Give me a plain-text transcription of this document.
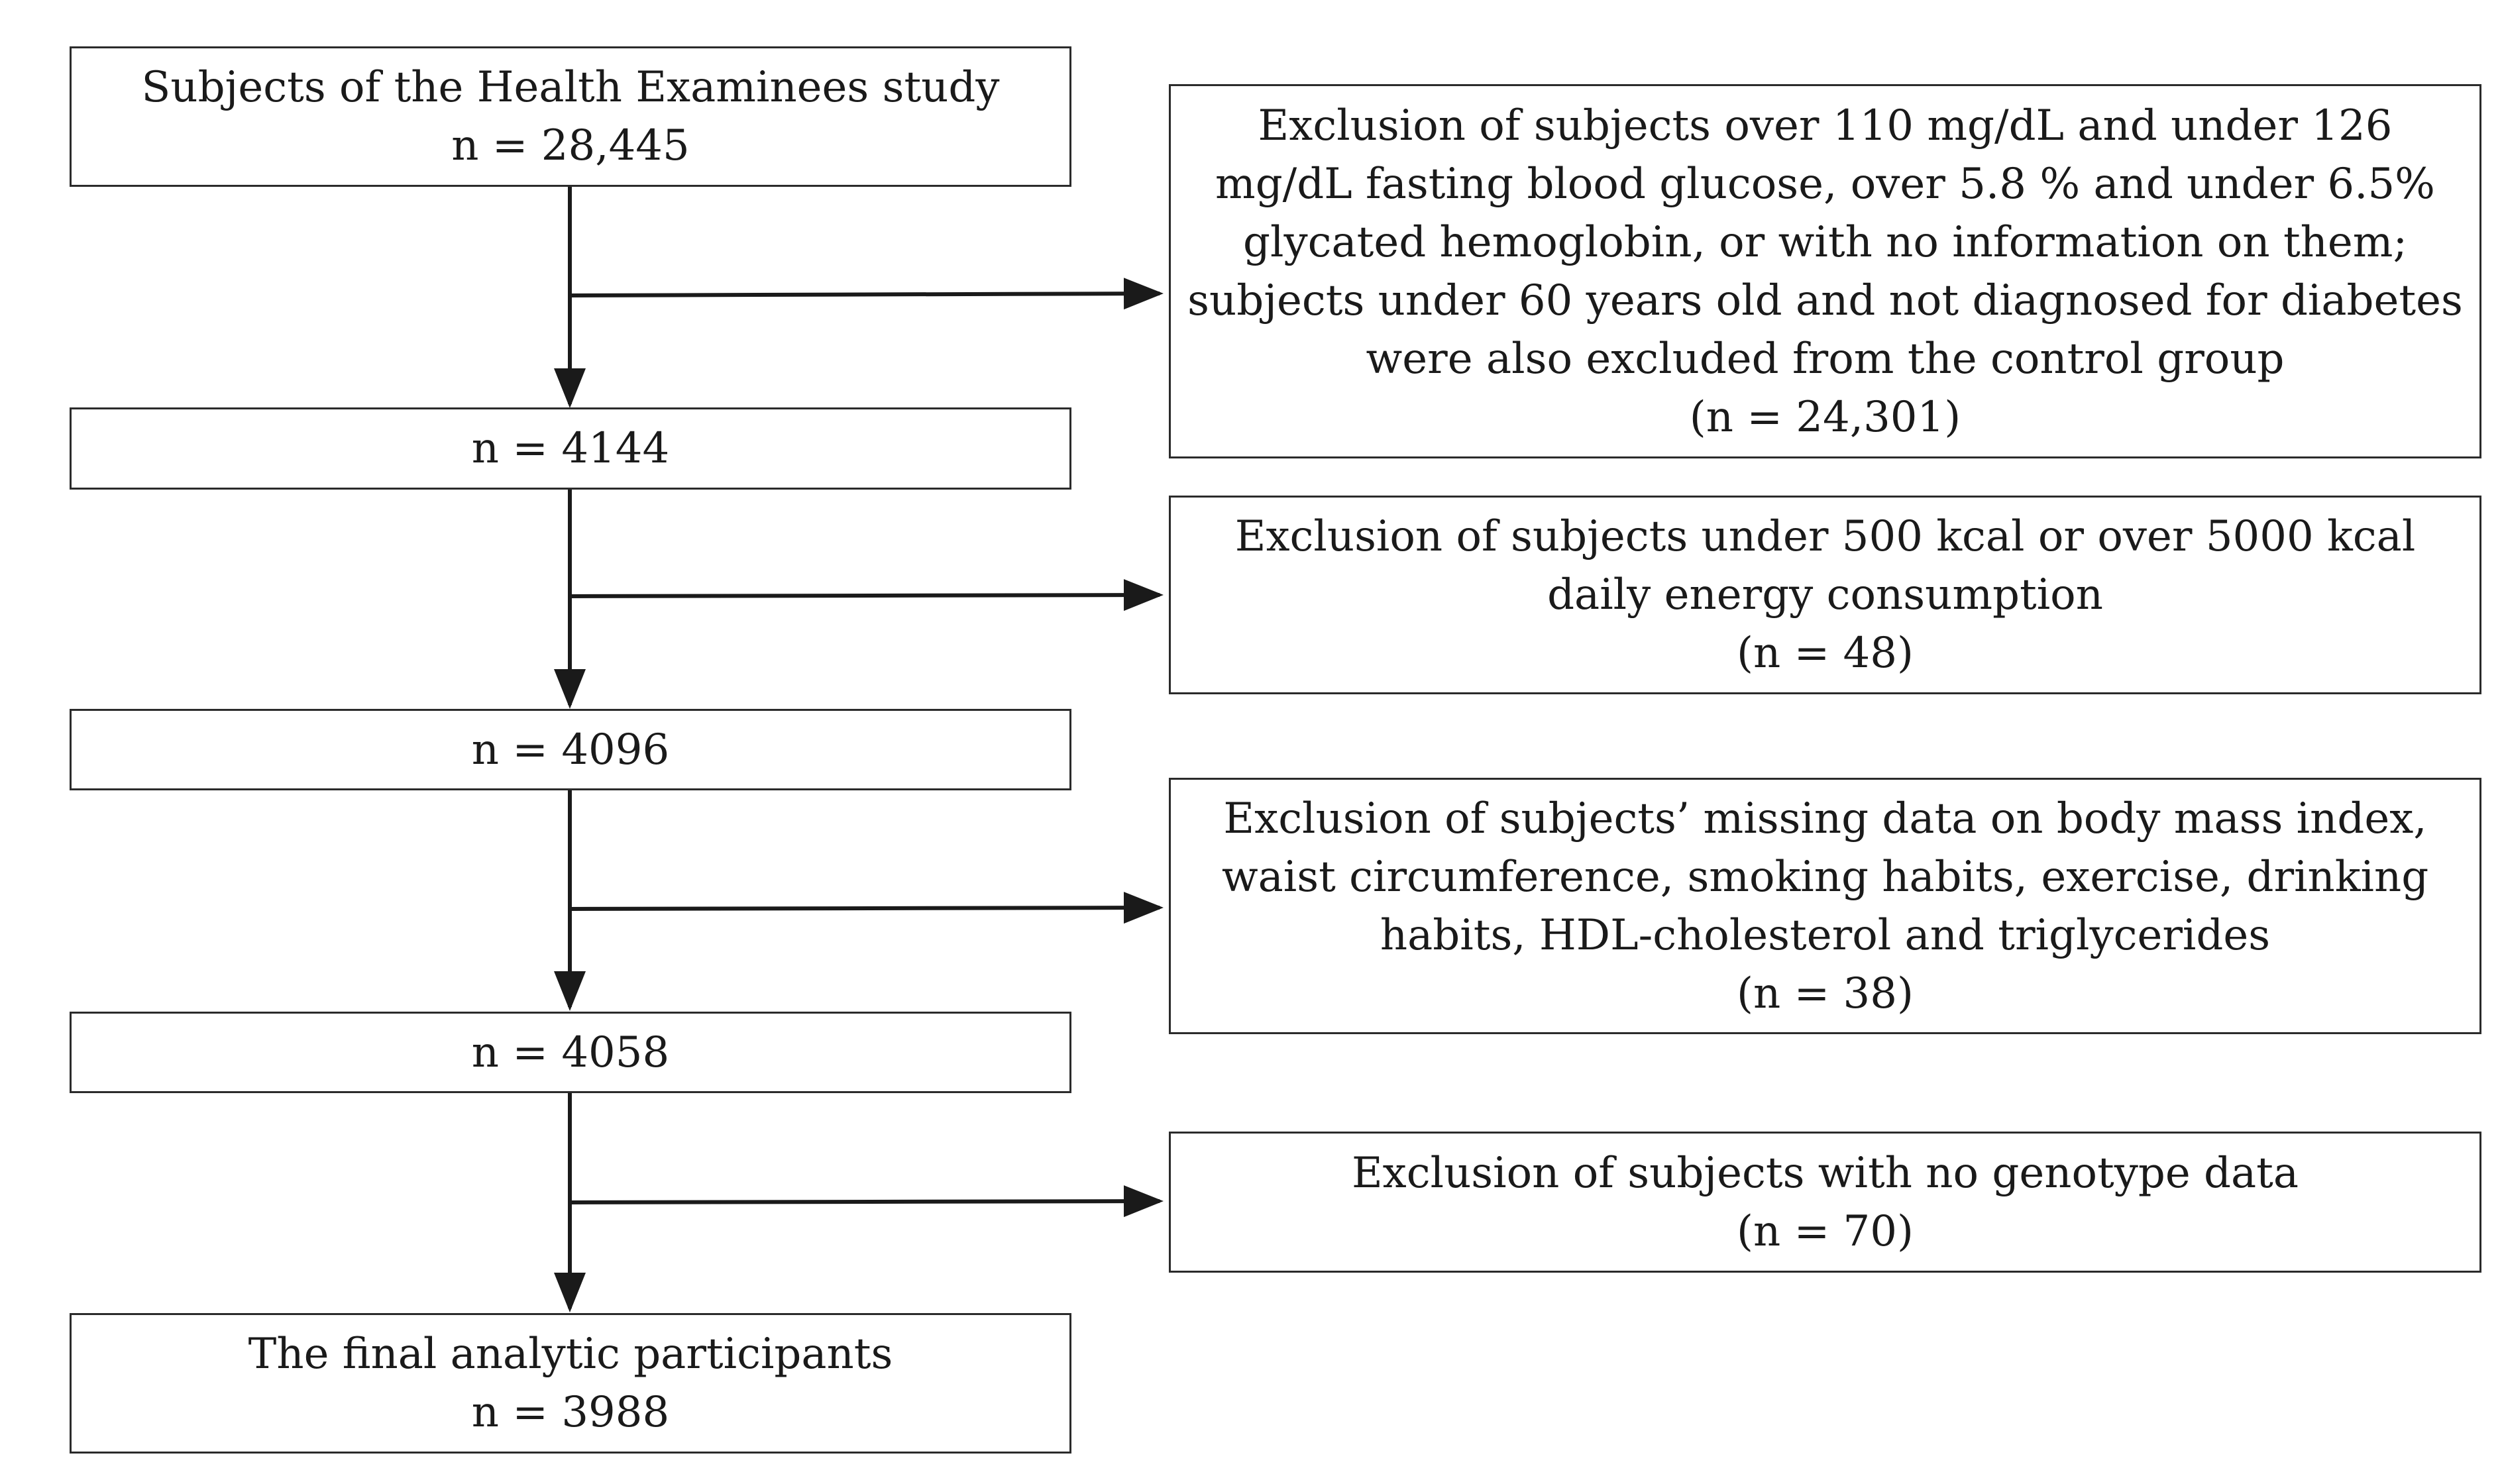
Subjects of the Health Examinees study
n = 28,445
n = 4144
n = 4096
n = 4058
The final analytic participants
n = 3988
Exclusion of subjects over 110 mg/dL and under 126
mg/dL fasting blood glucose, over 5.8 % and under 6.5%
glycated hemoglobin, or with no information on them;
subjects under 60 years old and not diagnosed for diabetes
were also excluded from the control group
(n = 24,301)
Exclusion of subjects under 500 kcal or over 5000 kcal
daily energy consumption
(n = 48)
Exclusion of subjects’ missing data on body mass index,
waist circumference, smoking habits, exercise, drinking
habits, HDL-cholesterol and triglycerides
(n = 38)
Exclusion of subjects with no genotype data
(n = 70)
